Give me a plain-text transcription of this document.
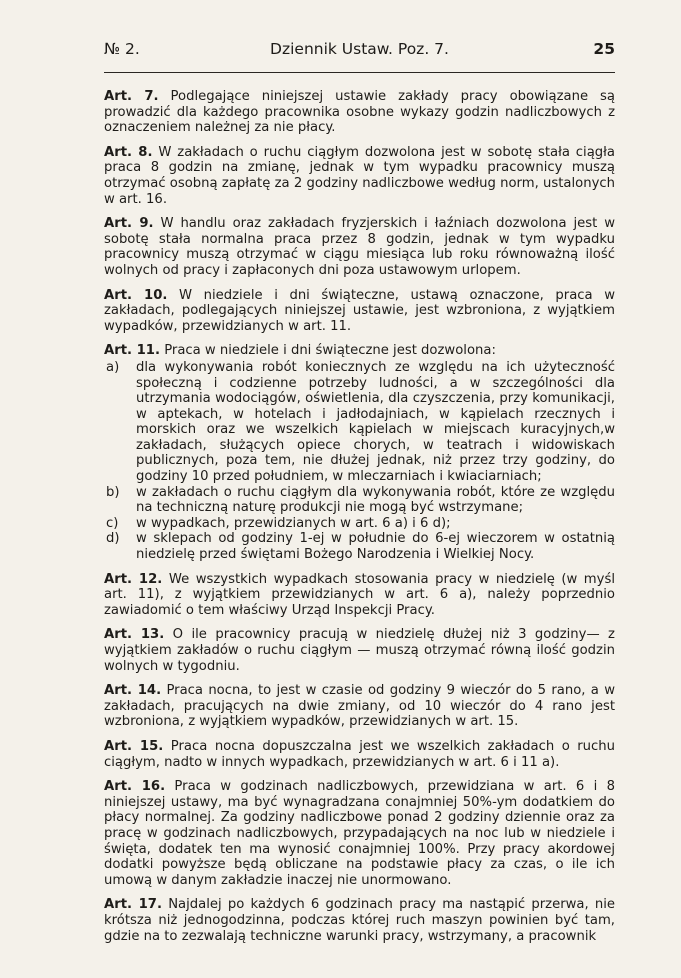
№ 2.	Dziennik Ustaw. Poz. 7.	25

Art. 7. Podlegające niniejszej ustawie zakłady pracy obowiązane są prowadzić dla każdego pracownika osobne wykazy godzin nadliczbowych z oznaczeniem należnej za nie płacy.

Art. 8. W zakładach o ruchu ciągłym dozwolona jest w sobotę stała ciągła praca 8 godzin na zmianę, jednak w tym wypadku pracownicy muszą otrzymać osobną zapłatę za 2 godziny nadliczbowe według norm, ustalonych w art. 16.

Art. 9. W handlu oraz zakładach fryzjerskich i łaźniach dozwolona jest w sobotę stała normalna praca przez 8 godzin, jednak w tym wypadku pracownicy muszą otrzymać w ciągu miesiąca lub roku równoważną ilość wolnych od pracy i zapłaconych dni poza ustawowym urlopem.

Art. 10. W niedziele i dni świąteczne, ustawą oznaczone, praca w zakładach, podlegających niniejszej ustawie, jest wzbroniona, z wyjątkiem wypadków, przewidzianych w art. 11.

Art. 11. Praca w niedziele i dni świąteczne jest dozwolona:

a)	dla wykonywania robót koniecznych ze względu na ich użyteczność społeczną i codzienne potrzeby ludności, a w szczególności dla utrzymania wodociągów, oświetlenia, dla czyszczenia, przy komunikacji, w aptekach, w hotelach i jadłodajniach, w kąpielach rzecznych i morskich oraz we wszelkich kąpielach w miejscach kuracyjnych,w zakładach, służących opiece chorych, w teatrach i widowiskach publicznych, poza tem, nie dłużej jednak, niż przez trzy godziny, do godziny 10 przed południem, w mleczarniach i kwiaciarniach;
b)	w zakładach o ruchu ciągłym dla wykonywania robót, które ze względu na techniczną naturę produkcji nie mogą być wstrzymane;
c)	w wypadkach, przewidzianych w art. 6 a) i 6 d);
d)	w sklepach od godziny 1-ej w południe do 6-ej wieczorem w ostatnią niedzielę przed świętami Bożego Narodzenia i Wielkiej Nocy.

Art. 12. We wszystkich wypadkach stosowania pracy w niedzielę (w myśl art. 11), z wyjątkiem przewidzianych w art. 6 a), należy poprzednio zawiadomić o tem właściwy Urząd Inspekcji Pracy.

Art. 13. O ile pracownicy pracują w niedzielę dłużej niż 3 godziny— z wyjątkiem zakładów o ruchu ciągłym — muszą otrzymać równą ilość godzin wolnych w tygodniu.

Art. 14. Praca nocna, to jest w czasie od godziny 9 wieczór do 5 rano, a w zakładach, pracujących na dwie zmiany, od 10 wieczór do 4 rano jest wzbroniona, z wyjątkiem wypadków, przewidzianych w art. 15.

Art. 15. Praca nocna dopuszczalna jest we wszelkich zakładach o ruchu ciągłym, nadto w innych wypadkach, przewidzianych w art. 6 i 11 a).

Art. 16. Praca w godzinach nadliczbowych, przewidziana w art. 6 i 8 niniejszej ustawy, ma być wynagradzana conajmniej 50%-ym dodatkiem do płacy normalnej. Za godziny nadliczbowe ponad 2 godziny dziennie oraz za pracę w godzinach nadliczbowych, przypadających na noc lub w niedziele i święta, dodatek ten ma wynosić conajmniej 100%. Przy pracy akordowej dodatki powyższe będą obliczane na podstawie płacy za czas, o ile ich umową w danym zakładzie inaczej nie unormowano.

Art. 17. Najdalej po każdych 6 godzinach pracy ma nastąpić przerwa, nie krótsza niż jednogodzinna, podczas której ruch maszyn powinien być tam, gdzie na to zezwalają techniczne warunki pracy, wstrzymany, a pracownik
